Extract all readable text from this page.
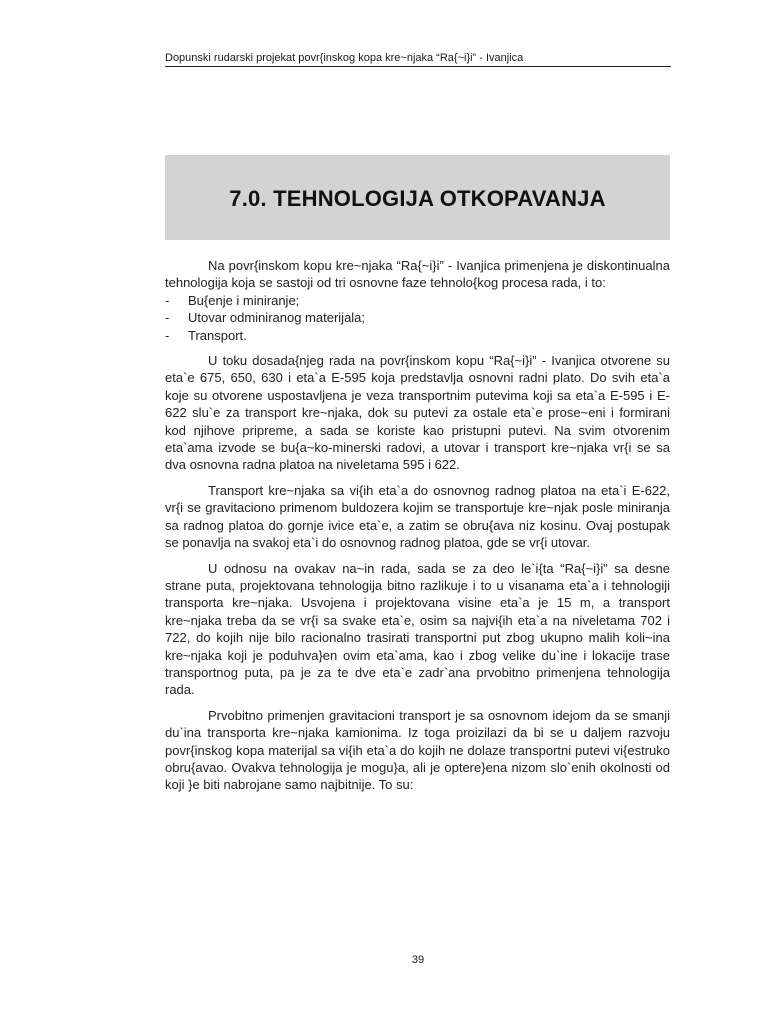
Dopunski rudarski projekat povr{inskog kopa kre~njaka “Ra{~i}i” - Ivanjica
7.0. TEHNOLOGIJA OTKOPAVANJA

Na povr{inskom kopu kre~njaka “Ra{~i}i” - Ivanjica primenjena je diskontinualna tehnologija koja se sastoji od tri osnovne faze tehnolo{kog procesa rada, i to:

- Bu{enje i miniranje;
- Utovar odminiranog materijala;
- Transport.

U toku dosada{njeg rada na povr{inskom kopu “Ra{~i}i” - Ivanjica otvorene su eta`e 675, 650, 630 i eta`a E-595 koja predstavlja osnovni radni plato. Do svih eta`a koje su otvorene uspostavljena je veza transportnim putevima koji sa eta`a E-595 i E-622 slu`e za transport kre~njaka, dok su putevi za ostale eta`e prose~eni i formirani kod njihove pripreme, a sada se koriste kao pristupni putevi. Na svim otvorenim eta`ama izvode se bu{a~ko-minerski radovi, a utovar i transport kre~njaka vr{i se sa dva osnovna radna platoa na niveletama 595 i 622.

Transport kre~njaka sa vi{ih eta`a do osnovnog radnog platoa na eta`i E-622, vr{i se gravitaciono primenom buldozera kojim se transportuje kre~njak posle miniranja sa radnog platoa do gornje ivice eta`e, a zatim se obru{ava niz kosinu. Ovaj postupak se ponavlja na svakoj eta`i do osnovnog radnog platoa, gde se vr{i utovar.

U odnosu na ovakav na~in rada, sada se za deo le`i{ta “Ra{~i}i” sa desne strane puta, projektovana tehnologija bitno razlikuje i to u visanama eta`a i tehnologiji transporta kre~njaka. Usvojena i projektovana visine eta`a je 15 m, a transport kre~njaka treba da se vr{i sa svake eta`e, osim sa najvi{ih eta`a na niveletama 702 i 722, do kojih nije bilo racionalno trasirati transportni put zbog ukupno malih koli~ina kre~njaka koji je poduhva}en ovim eta`ama, kao i zbog velike du`ine i lokacije trase transportnog puta, pa je za te dve eta`e zadr`ana prvobitno primenjena tehnologija rada.

Prvobitno primenjen gravitacioni transport je sa osnovnom idejom da se smanji du`ina transporta kre~njaka kamionima. Iz toga proizilazi da bi se u daljem razvoju povr{inskog kopa materijal sa vi{ih eta`a do kojih ne dolaze transportni putevi vi{estruko obru{avao. Ovakva tehnologija je mogu}a, ali je optere}ena nizom slo`enih okolnosti od koji }e biti nabrojane samo najbitnije. To su:

39
